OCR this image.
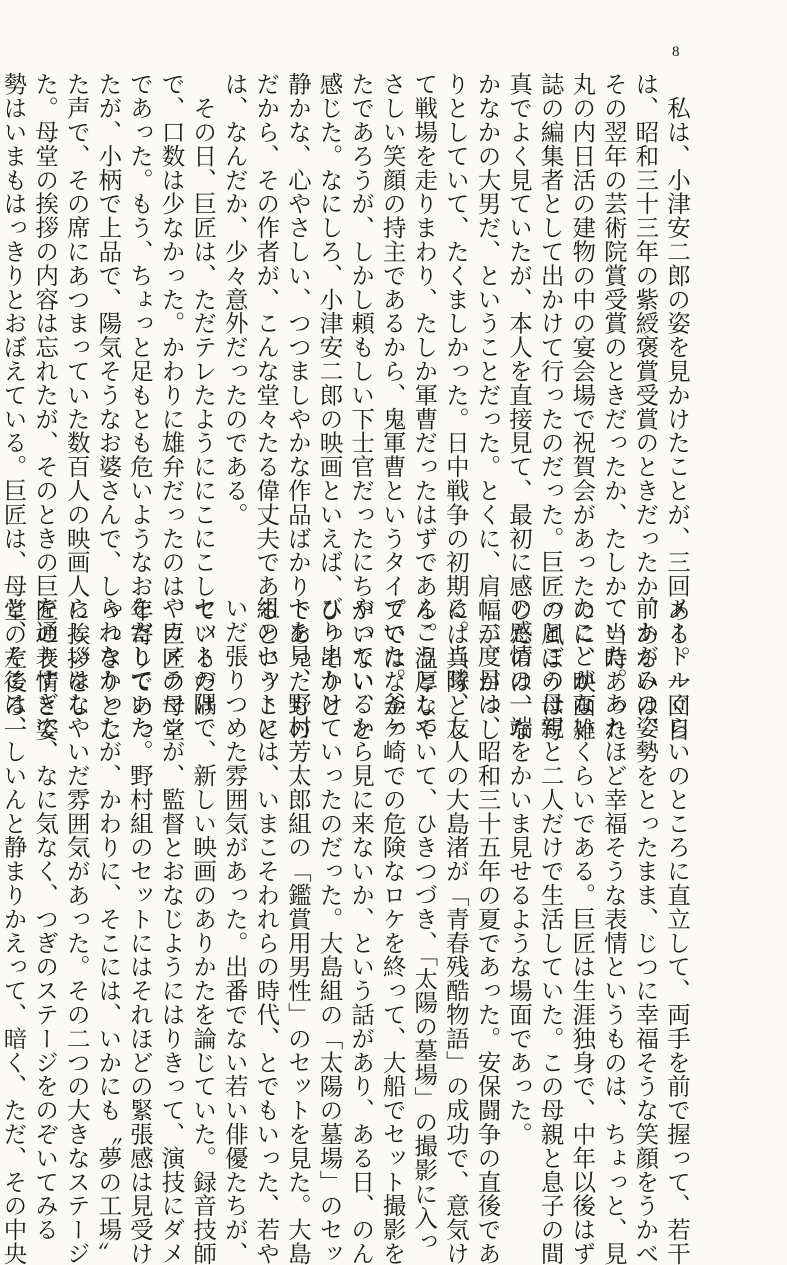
8
　私は、小津安二郎の姿を見かけたことが、三回ある。一回目
は、昭和三十三年の紫綬褒賞受賞のときだったか、あるいは、
その翌年の芸術院賞受賞のときだったか、たしか、当時あった
丸の内日活の建物の中の宴会場で祝賀会があったのに、映画雑
誌の編集者として出かけて行ったのだった。巨匠の風ぼうは写
真でよく見ていたが、本人を直接見て、最初に感じたのは、な
かなかの大男だ、ということだった。とくに、肩幅が、がっし
りとしていて、たくましかった。日中戦争の初期には兵隊とし
て戦場を走りまわり、たしか軍曹だったはずである。温厚なや
さしい笑顔の持主であるから、鬼軍曹というタイプではなかっ
たであろうが、しかし頼もしい下士官だったにちがいない、と
感じた。なにしろ、小津安二郎の映画といえば、ひっそりと
静かな、心やさしい、つつましやかな作品ばかりであったもの
だから、その作者が、こんな堂々たる偉丈夫であるということ
は、なんだか、少々意外だったのである。
　その日、巨匠は、ただテレたようににこにこしているだけ
で、口数は少なかった。かわりに雄弁だったのは、巨匠の母堂
であった。もう、ちょっと足もとも危いようなお年寄りであっ
たが、小柄で上品で、陽気そうなお婆さんで、しゃっきりとし
た声で、その席にあつまっていた数百人の映画人に挨拶をし
た。母堂の挨拶の内容は忘れたが、そのときの巨匠の表情と姿
勢はいまもはっきりとおぼえている。巨匠は、母堂の左後ろ一
メートルぐらいのところに直立して、両手を前で握って、若干
前かがみの姿勢をとったまま、じつに幸福そうな笑顔をうかべ
ていた。あれほど幸福そうな表情というものは、ちょっと、見
たことがないくらいである。巨匠は生涯独身で、中年以後はず
っとこの母親と二人だけで生活していた。この母親と息子の間
の感情の一端をかいま見せるような場面であった。
　二度目は、昭和三十五年の夏であった。安保闘争の直後であ
る。当時、友人の大島渚が「青春残酷物語」の成功で、意気け
んこうとしていて、ひきつづき、「太陽の墓場」の撮影に入っ
ていた。釜ケ崎での危険なロケを終って、大船でセット撮影を
やっているから見に来ないか、という話があり、ある日、のん
びり出かけていったのだった。大島組の「太陽の墓場」のセッ
トを見、野村芳太郎組の「鑑賞用男性」のセットを見た。大島
組のセットには、いまこそわれらの時代、とでもいった、若や
いだ張りつめた雰囲気があった。出番でない若い俳優たちが、
セットの隅で、新しい映画のありかたを論じていた。録音技師
やカメラマンが、監督とおなじようにはりきって、演技にダメ
をだしていた。野村組のセットにはそれほどの緊張感は見受け
られなかったが、かわりに、そこには、いかにも〝夢の工場〟
らしいはなやいだ雰囲気があった。その二つの大きなステージ
を通りすぎて、なに気なく、つぎのステージをのぞいてみる
と、そこは、しいんと静まりかえって、暗く、ただ、その中央
